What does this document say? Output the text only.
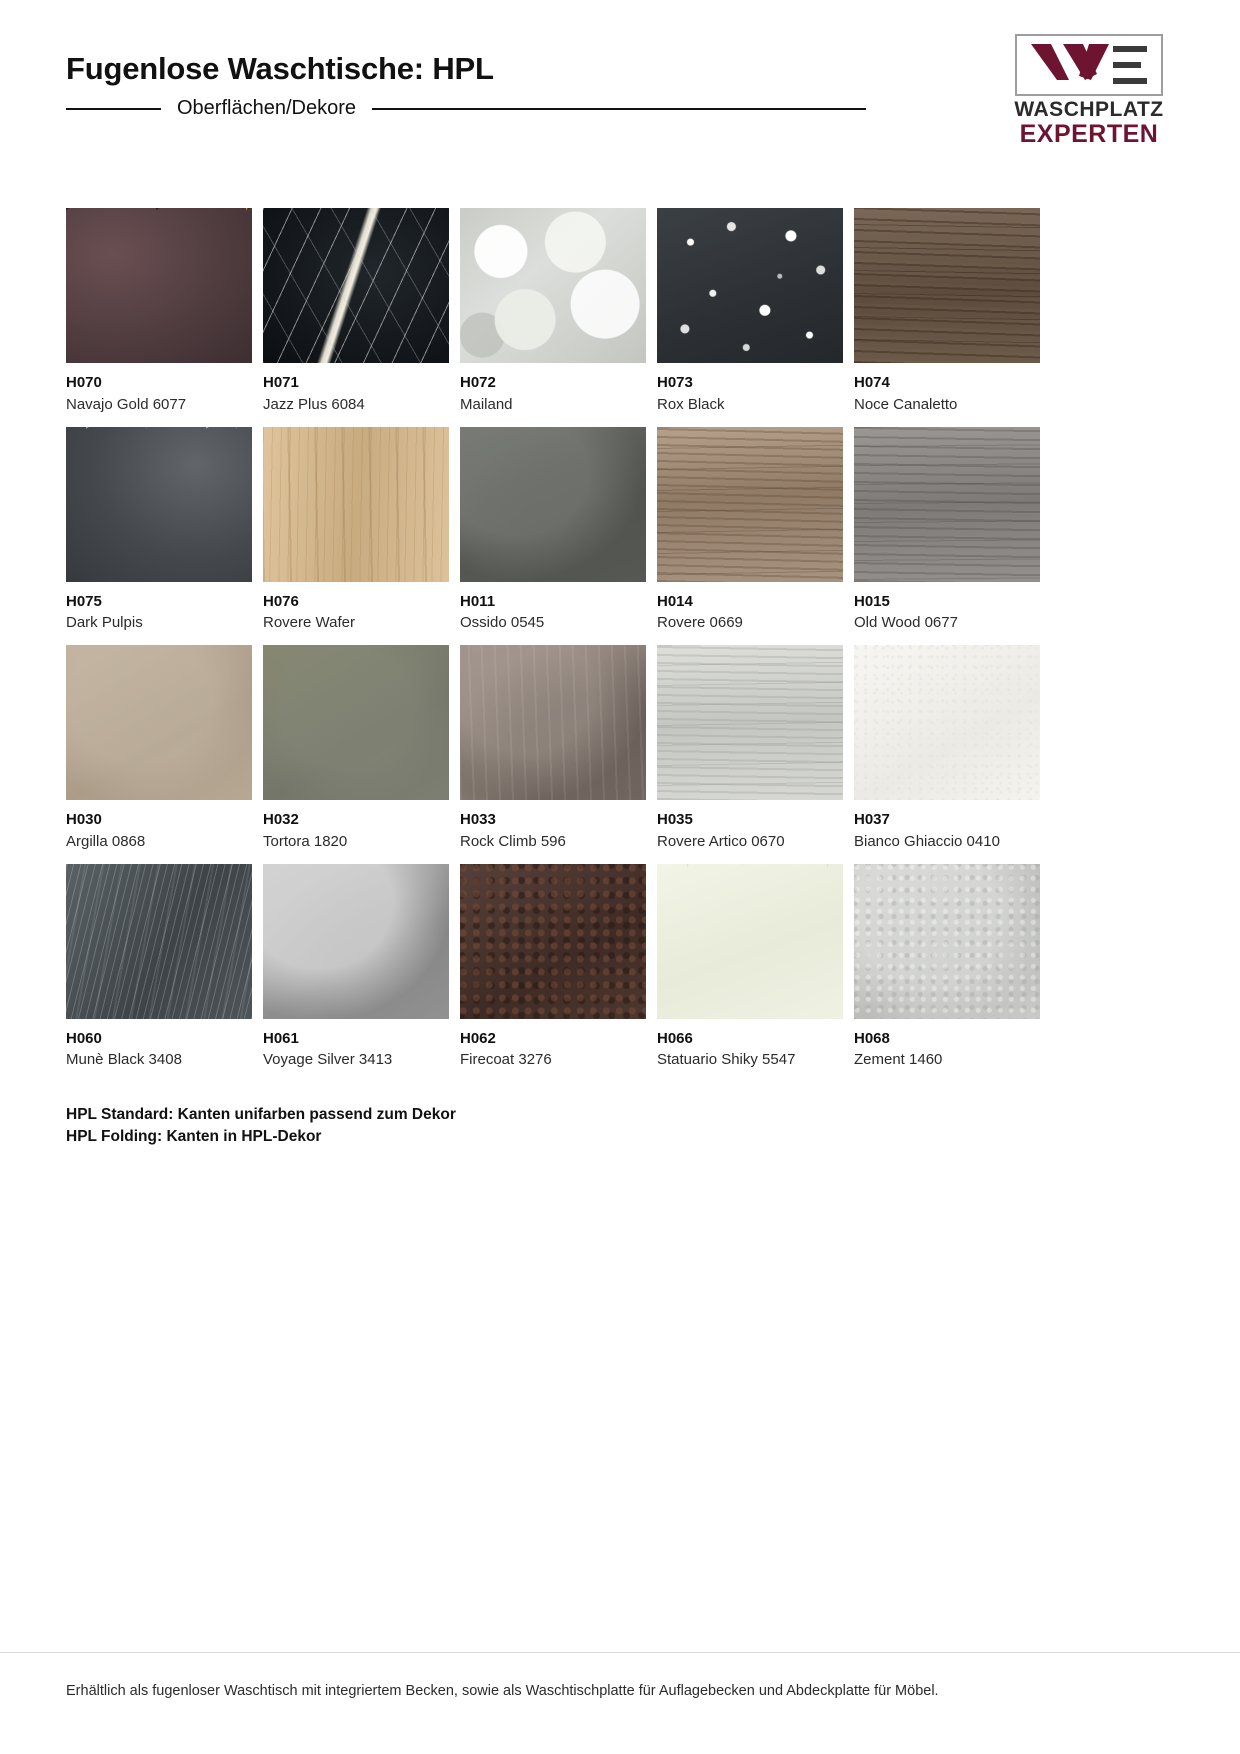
Fugenlose Waschtische: HPL
Oberflächen/Dekore	WASCHPLATZ
EXPERTEN
H070
Navajo Gold 6077
H071
Jazz Plus 6084
H072
Mailand
H073
Rox Black
H074
Noce Canaletto
H075
Dark Pulpis
H076
Rovere Wafer
H011
Ossido 0545
H014
Rovere 0669
H015
Old Wood 0677
H030
Argilla 0868
H032
Tortora 1820
H033
Rock Climb 596
H035
Rovere Artico 0670
H037
Bianco Ghiaccio 0410
H060
Munè Black 3408
H061
Voyage Silver 3413
H062
Firecoat 3276
H066
Statuario Shiky 5547
H068
Zement 1460
HPL Standard: Kanten unifarben passend zum Dekor
HPL Folding: Kanten in HPL-Dekor
Erhältlich als fugenloser Waschtisch mit integriertem Becken, sowie als Waschtischplatte für Auflagebecken und Abdeckplatte für Möbel.
